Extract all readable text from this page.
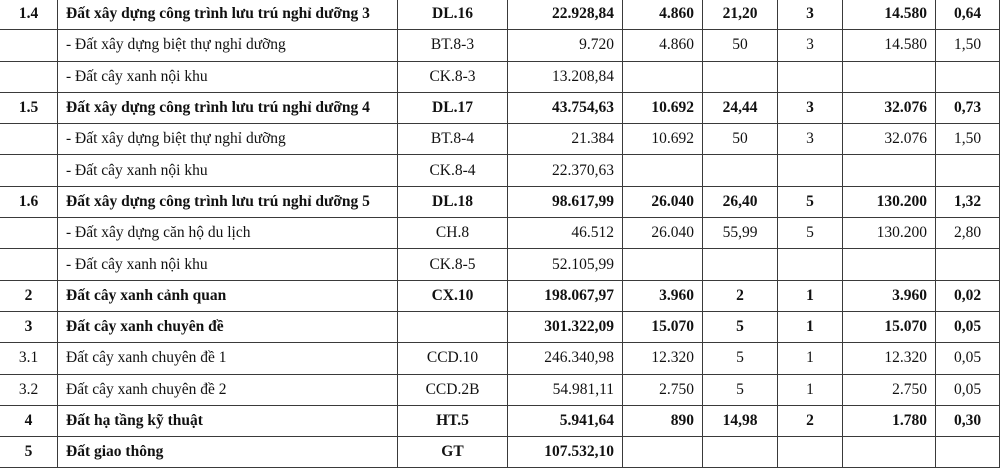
1.4	Đất xây dựng công trình lưu trú nghỉ dưỡng 3	DL.16	22.928,84	4.860	21,20	3	14.580	0,64
	- Đất xây dựng biệt thự nghỉ dưỡng	BT.8-3	9.720	4.860	50	3	14.580	1,50
	- Đất cây xanh nội khu	CK.8-3	13.208,84					
1.5	Đất xây dựng công trình lưu trú nghỉ dưỡng 4	DL.17	43.754,63	10.692	24,44	3	32.076	0,73
	- Đất xây dựng biệt thự nghỉ dưỡng	BT.8-4	21.384	10.692	50	3	32.076	1,50
	- Đất cây xanh nội khu	CK.8-4	22.370,63					
1.6	Đất xây dựng công trình lưu trú nghỉ dưỡng 5	DL.18	98.617,99	26.040	26,40	5	130.200	1,32
	- Đất xây dựng căn hộ du lịch	CH.8	46.512	26.040	55,99	5	130.200	2,80
	- Đất cây xanh nội khu	CK.8-5	52.105,99					
2	Đất cây xanh cảnh quan	CX.10	198.067,97	3.960	2	1	3.960	0,02
3	Đất cây xanh chuyên đề		301.322,09	15.070	5	1	15.070	0,05
3.1	Đất cây xanh chuyên đề 1	CCD.10	246.340,98	12.320	5	1	12.320	0,05
3.2	Đất cây xanh chuyên đề 2	CCD.2B	54.981,11	2.750	5	1	2.750	0,05
4	Đất hạ tầng kỹ thuật	HT.5	5.941,64	890	14,98	2	1.780	0,30
5	Đất giao thông	GT	107.532,10					
